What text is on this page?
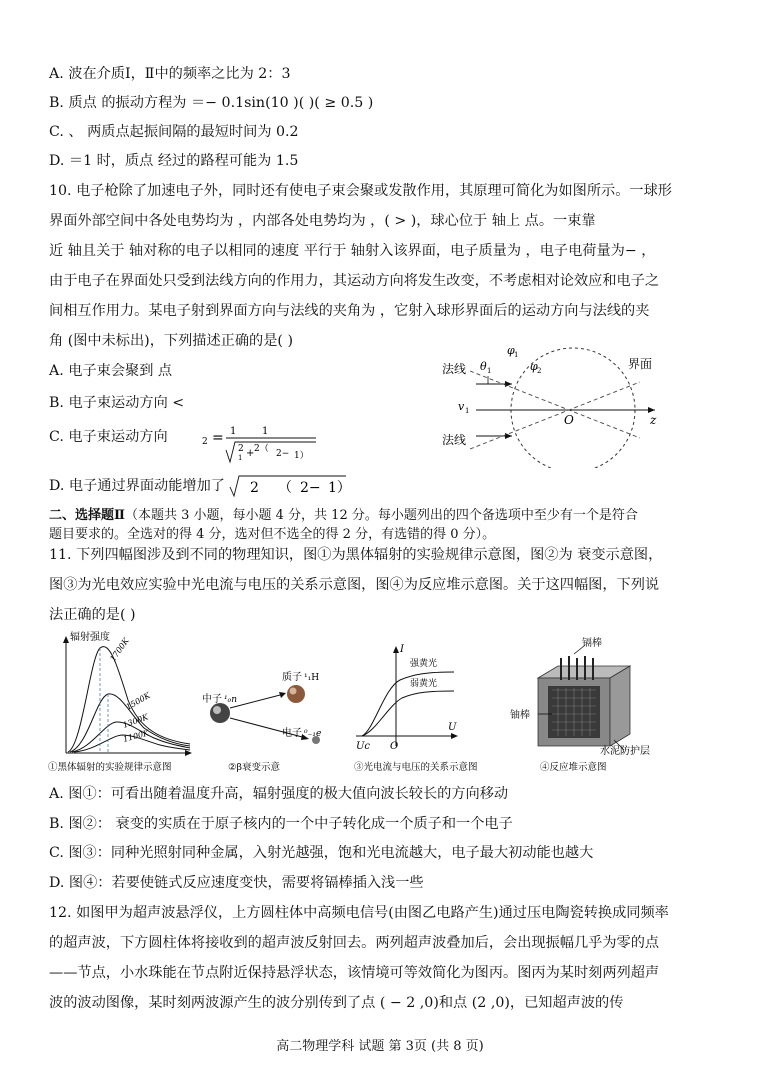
A. 波在介质Ⅰ，Ⅱ中的频率之比为 2：3
B. 质点 的振动方程为 ＝− 0.1sin(10 )( )( ≥ 0.5 )
C. 、 两质点起振间隔的最短时间为 0.2
D. ＝1 时，质点 经过的路程可能为 1.5
10. 电子枪除了加速电子外，同时还有使电子束会聚或发散作用，其原理可简化为如图所示。一球形
界面外部空间中各处电势均为 ，内部各处电势均为 ，( > )，球心位于 轴上 点。一束靠
近 轴且关于 轴对称的电子以相同的速度 平行于 轴射入该界面，电子质量为 ，电子电荷量为− ，
由于电子在界面处只受到法线方向的作用力，其运动方向将发生改变，不考虑相对论效应和电子之
间相互作用力。某电子射到界面方向与法线的夹角为 ，它射入球形界面后的运动方向与法线的夹
角 (图中未标出)，下列描述正确的是( )
A. 电子束会聚到 点
B. 电子束运动方向 <
C. 电子束运动方向
D. 电子通过界面动能增加了
2 = 1	1
2
1 + 2（ 2− 1）
2 （ 2− 1）
法线
法线
界面
θ 1
φ 1
φ 2
v 1
O	z
二、选择题Ⅱ（本题共 3 小题，每小题 4 分，共 12 分。每小题列出的四个备选项中至少有一个是符合
题目要求的。全选对的得 4 分，选对但不选全的得 2 分，有选错的得 0 分）。
11. 下列四幅图涉及到不同的物理知识，图①为黑体辐射的实验规律示意图，图②为 衰变示意图，
图③为光电效应实验中光电流与电压的关系示意图，图④为反应堆示意图。关于这四幅图，下列说
法正确的是( )
辐射强度
1700K
1500K
1300K
1100K
①黑体辐射的实验规律示意图
中子 ¹₀n
质子 ¹₁H
电子 ⁰₋₁e
②β衰变示意
I
强黄光
弱黄光
U
Uc O
③光电流与电压的关系示意图
镉棒
铀棒
水泥防护层
④反应堆示意图
A. 图①：可看出随着温度升高，辐射强度的极大值向波长较长的方向移动
B. 图②： 衰变的实质在于原子核内的一个中子转化成一个质子和一个电子
C. 图③：同种光照射同种金属，入射光越强，饱和光电流越大，电子最大初动能也越大
D. 图④：若要使链式反应速度变快，需要将镉棒插入浅一些
12. 如图甲为超声波悬浮仪，上方圆柱体中高频电信号(由图乙电路产生)通过压电陶瓷转换成同频率
的超声波，下方圆柱体将接收到的超声波反射回去。两列超声波叠加后，会出现振幅几乎为零的点
——节点，小水珠能在节点附近保持悬浮状态，该情境可等效简化为图丙。图丙为某时刻两列超声
波的波动图像，某时刻两波源产生的波分别传到了点 ( − 2 ,0)和点 (2 ,0)，已知超声波的传
高二物理学科 试题 第 3页 (共 8 页)
